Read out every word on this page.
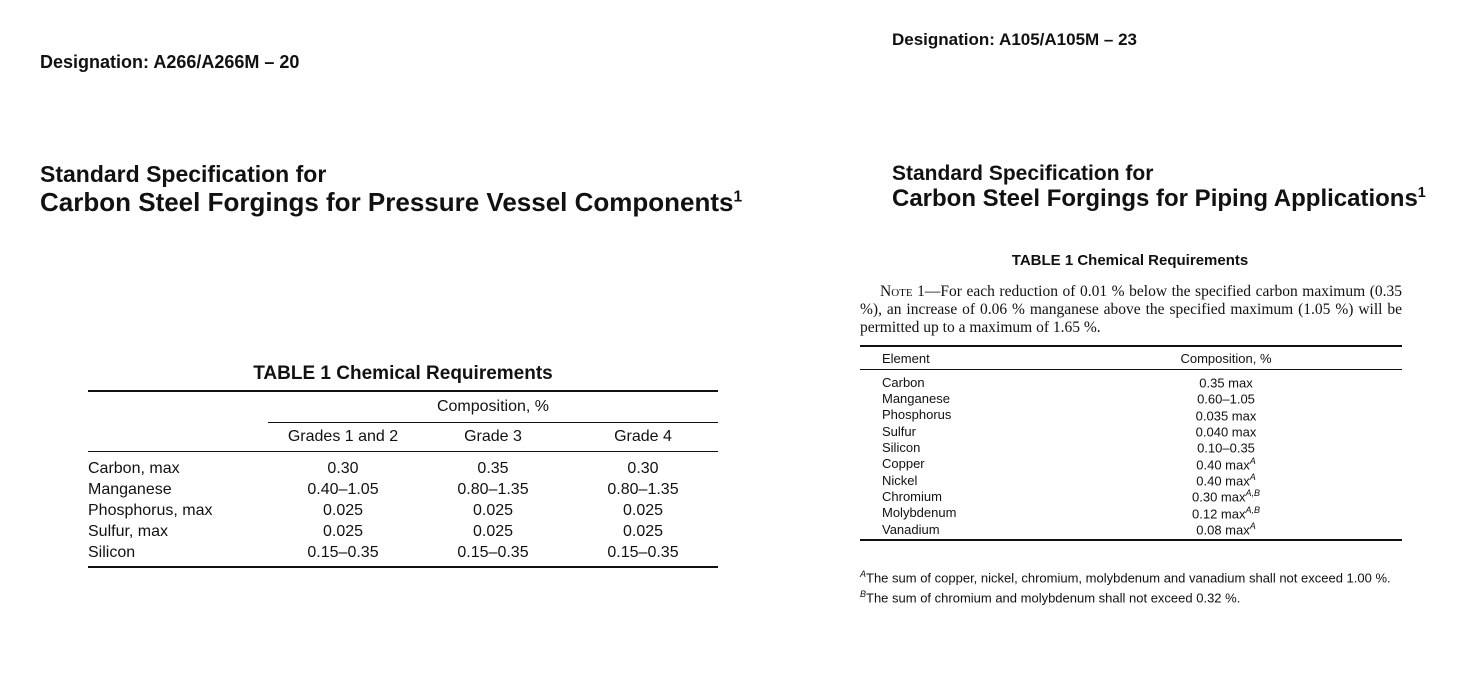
Designation: A266/A266M – 20
Standard Specification for
Carbon Steel Forgings for Pressure Vessel Components$^1$
TABLE 1 Chemical Requirements

	Composition, %		
	Grades 1 and 2	Grade 3	Grade 4
Carbon, max	0.30	0.35	0.30
Manganese	0.40–1.05	0.80–1.35	0.80–1.35
Phosphorus, max	0.025	0.025	0.025
Sulfur, max	0.025	0.025	0.025
Silicon	0.15–0.35	0.15–0.35	0.15–0.35
Designation: A105/A105M – 23
Standard Specification for
Carbon Steel Forgings for Piping Applications$^1$
TABLE 1 Chemical Requirements
Note 1—For each reduction of 0.01 % below the specified carbon maximum (0.35 %), an increase of 0.06 % manganese above the specified maximum (1.05 %) will be permitted up to a maximum of 1.65 %.
Element	Composition, %
Carbon	0.35 max
Manganese	0.60–1.05
Phosphorus	0.035 max
Sulfur	0.040 max
Silicon	0.10–0.35
Copper	0.40 $\max^A$
Nickel	0.40 $\max^A$
Chromium	0.30 $\max^{A,B}$
Molybdenum	0.12 $\max^{A,B}$
Vanadium	0.08 $\max^A$
$^A$The sum of copper, nickel, chromium, molybdenum and vanadium shall not exceed 1.00 %.
$^B$The sum of chromium and molybdenum shall not exceed 0.32 %.
